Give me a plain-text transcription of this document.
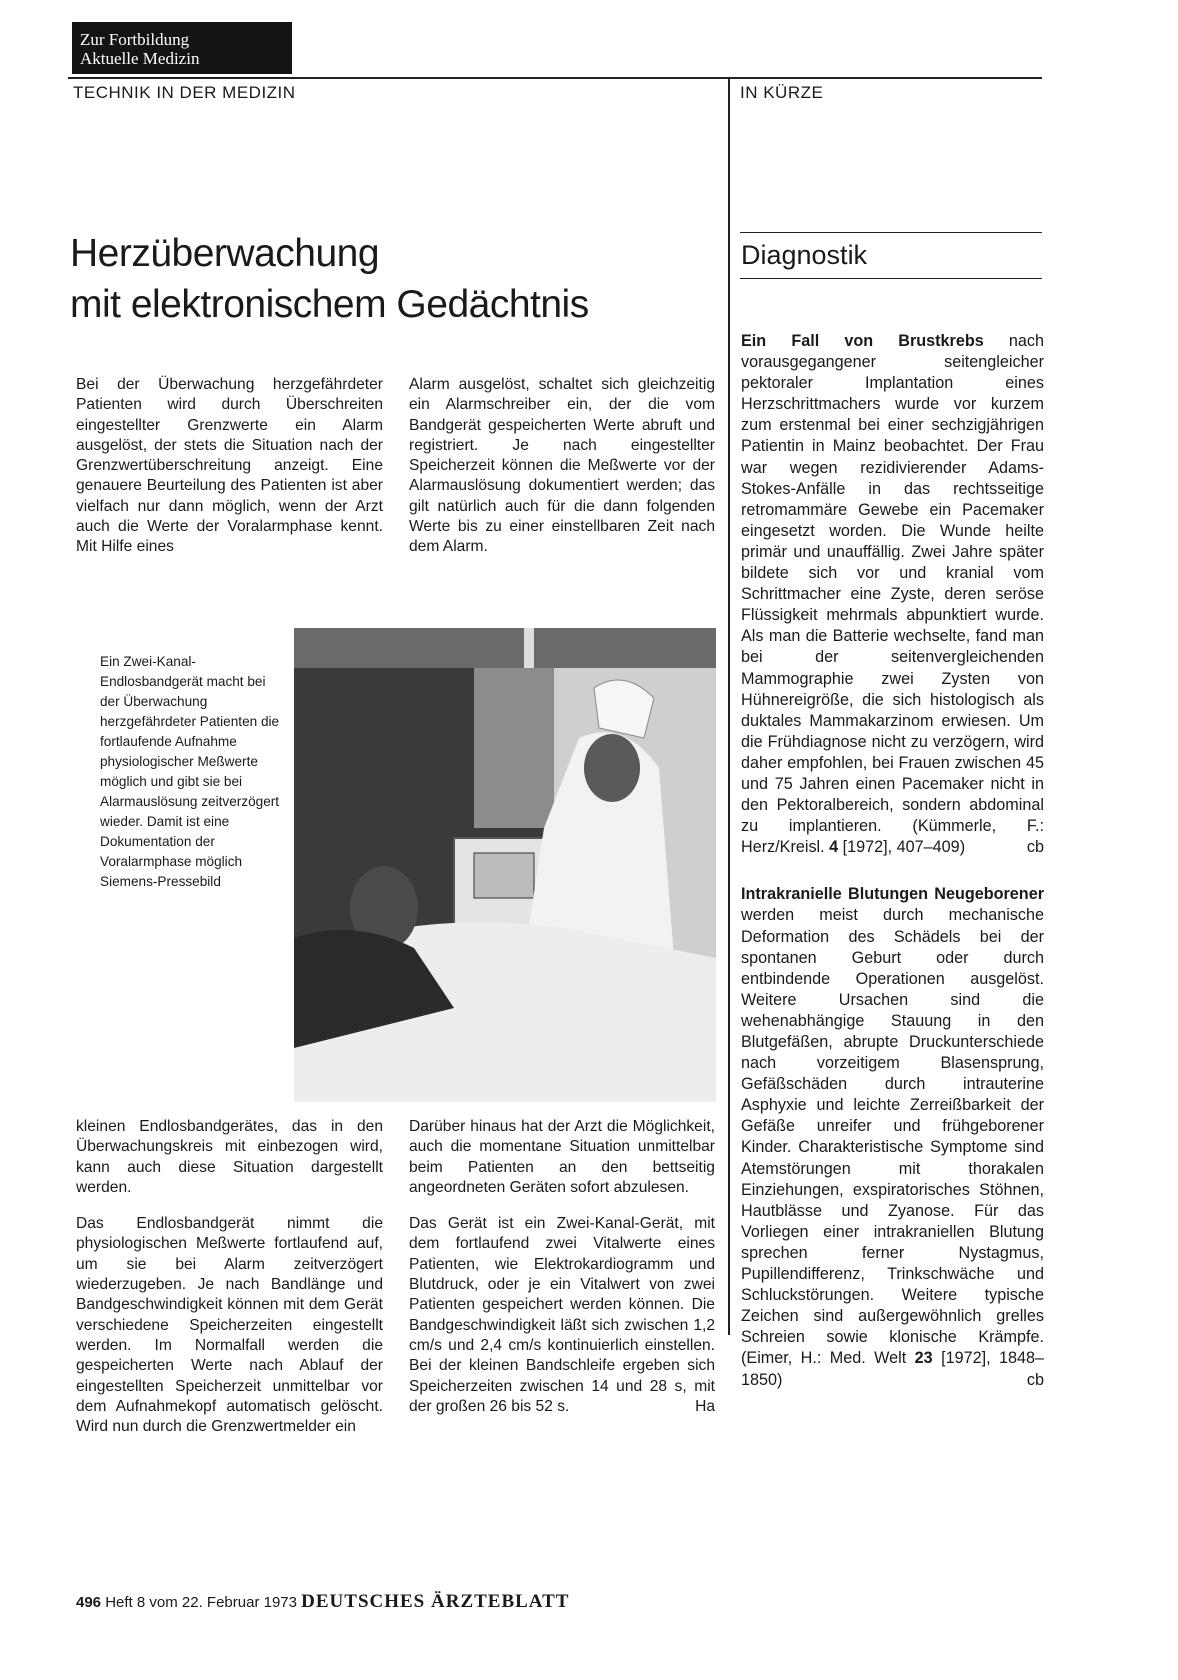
Zur Fortbildung
Aktuelle Medizin
TECHNIK IN DER MEDIZIN	IN KÜRZE
Herzüberwachung
mit elektronischem Gedächtnis
Diagnostik

Bei der Überwachung herzgefährdeter Patienten wird durch Überschreiten eingestellter Grenzwerte ein Alarm ausgelöst, der stets die Situation nach der Grenzwertüberschreitung anzeigt. Eine genauere Beurteilung des Patienten ist aber vielfach nur dann möglich, wenn der Arzt auch die Werte der Voralarmphase kennt. Mit Hilfe eines

Alarm ausgelöst, schaltet sich gleichzeitig ein Alarmschreiber ein, der die vom Bandgerät gespeicherten Werte abruft und registriert. Je nach eingestellter Speicherzeit können die Meßwerte vor der Alarmauslösung dokumentiert werden; das gilt natürlich auch für die dann folgenden Werte bis zu einer einstellbaren Zeit nach dem Alarm.

Ein Zwei-Kanal-Endlosbandgerät macht bei der Überwachung herzgefährdeter Patienten die fortlaufende Aufnahme physiologischer Meßwerte möglich und gibt sie bei Alarmauslösung zeitverzögert wieder. Damit ist eine Dokumentation der Voralarmphase möglich Siemens-Pressebild

kleinen Endlosbandgerätes, das in den Überwachungskreis mit einbezogen wird, kann auch diese Situation dargestellt werden.

Das Endlosbandgerät nimmt die physiologischen Meßwerte fortlaufend auf, um sie bei Alarm zeitverzögert wiederzugeben. Je nach Bandlänge und Bandgeschwindigkeit können mit dem Gerät verschiedene Speicherzeiten eingestellt werden. Im Normalfall werden die gespeicherten Werte nach Ablauf der eingestellten Speicherzeit unmittelbar vor dem Aufnahmekopf automatisch gelöscht. Wird nun durch die Grenzwertmelder ein

Darüber hinaus hat der Arzt die Möglichkeit, auch die momentane Situation unmittelbar beim Patienten an den bettseitig angeordneten Geräten sofort abzulesen.

Das Gerät ist ein Zwei-Kanal-Gerät, mit dem fortlaufend zwei Vitalwerte eines Patienten, wie Elektrokardiogramm und Blutdruck, oder je ein Vitalwert von zwei Patienten gespeichert werden können. Die Bandgeschwindigkeit läßt sich zwischen 1,2 cm/s und 2,4 cm/s kontinuierlich einstellen. Bei der kleinen Bandschleife ergeben sich Speicherzeiten zwischen 14 und 28 s, mit der großen 26 bis 52 s.	Ha

Ein Fall von Brustkrebs nach vorausgegangener seitengleicher pektoraler Implantation eines Herzschrittmachers wurde vor kurzem zum erstenmal bei einer sechzigjährigen Patientin in Mainz beobachtet. Der Frau war wegen rezidivierender Adams-Stokes-Anfälle in das rechtsseitige retromammäre Gewebe ein Pacemaker eingesetzt worden. Die Wunde heilte primär und unauffällig. Zwei Jahre später bildete sich vor und kranial vom Schrittmacher eine Zyste, deren seröse Flüssigkeit mehrmals abpunktiert wurde. Als man die Batterie wechselte, fand man bei der seitenvergleichenden Mammographie zwei Zysten von Hühnereigröße, die sich histologisch als duktales Mammakarzinom erwiesen. Um die Frühdiagnose nicht zu verzögern, wird daher empfohlen, bei Frauen zwischen 45 und 75 Jahren einen Pacemaker nicht in den Pektoralbereich, sondern abdominal zu implantieren. (Kümmerle, F.: Herz/Kreisl. 4 [1972], 407–409)	cb

Intrakranielle Blutungen Neugeborener werden meist durch mechanische Deformation des Schädels bei der spontanen Geburt oder durch entbindende Operationen ausgelöst. Weitere Ursachen sind die wehenabhängige Stauung in den Blutgefäßen, abrupte Druckunterschiede nach vorzeitigem Blasensprung, Gefäßschäden durch intrauterine Asphyxie und leichte Zerreißbarkeit der Gefäße unreifer und frühgeborener Kinder. Charakteristische Symptome sind Atemstörungen mit thorakalen Einziehungen, exspiratorisches Stöhnen, Hautblässe und Zyanose. Für das Vorliegen einer intrakraniellen Blutung sprechen ferner Nystagmus, Pupillendifferenz, Trinkschwäche und Schluckstörungen. Weitere typische Zeichen sind außergewöhnlich grelles Schreien sowie klonische Krämpfe. (Eimer, H.: Med. Welt 23 [1972], 1848–1850)	cb

496 Heft 8 vom 22. Februar 1973 DEUTSCHES ÄRZTEBLATT
